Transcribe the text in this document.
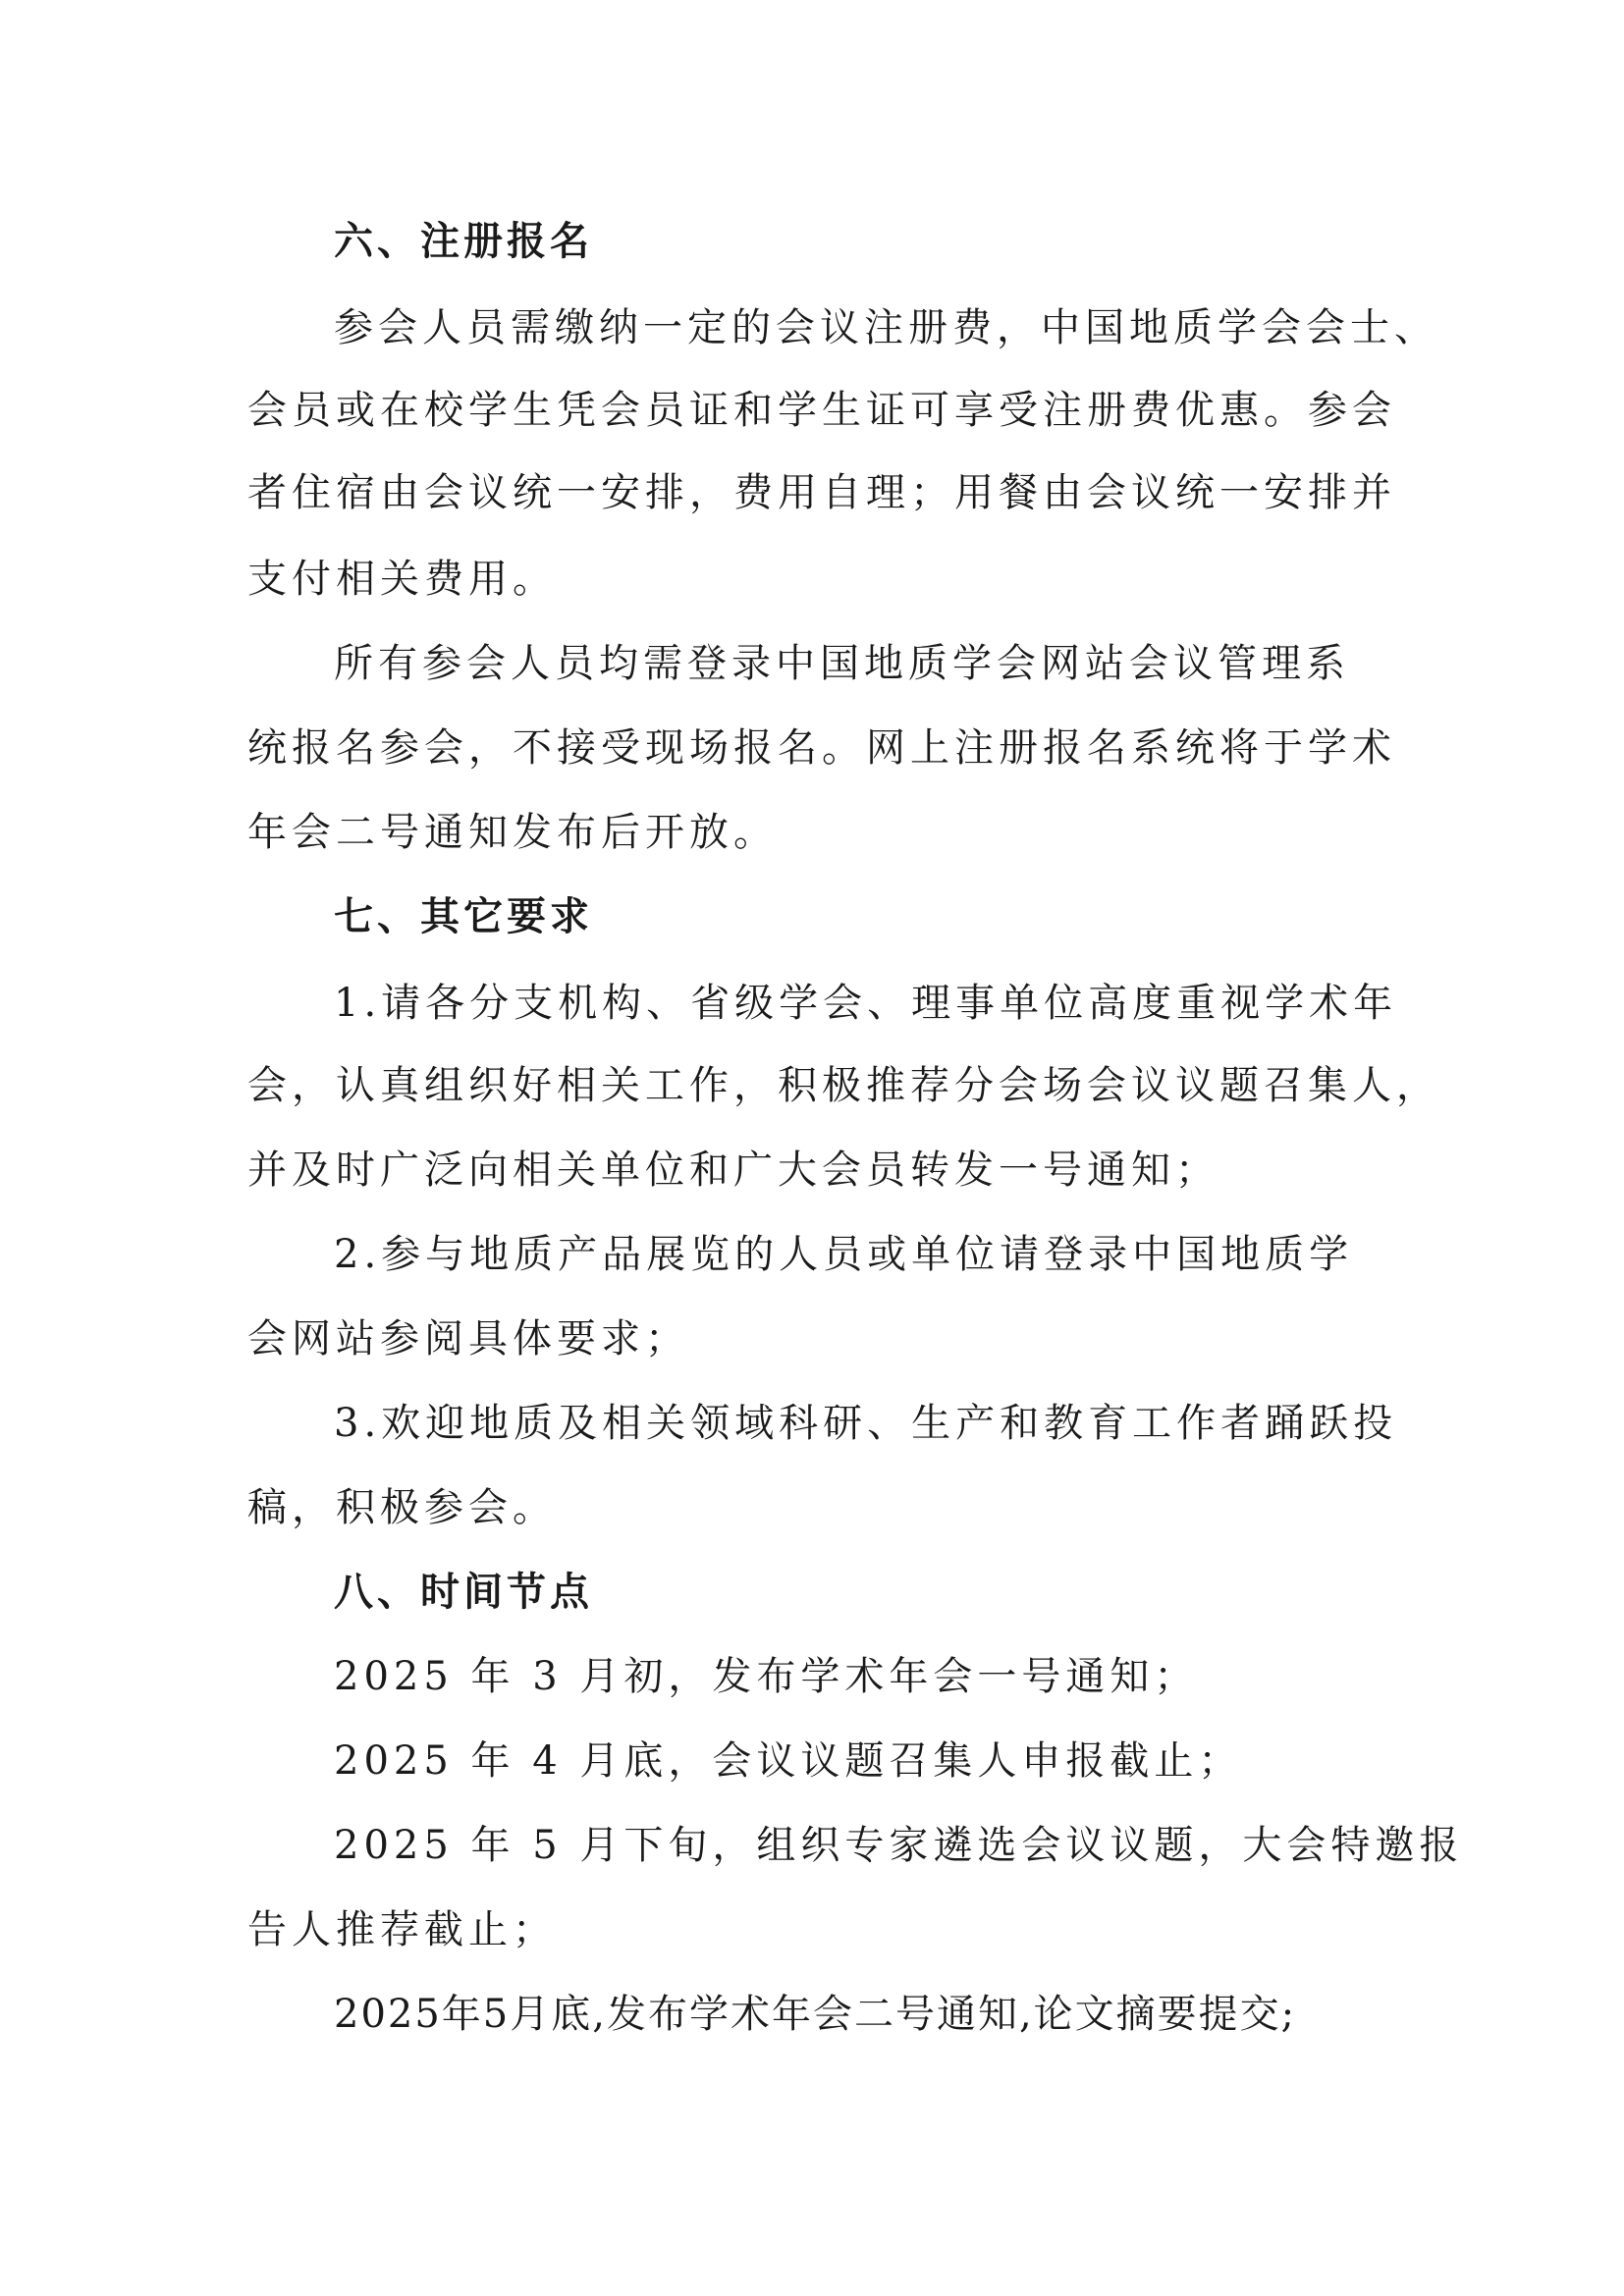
六、注册报名
参会人员需缴纳一定的会议注册费，中国地质学会会士、
会员或在校学生凭会员证和学生证可享受注册费优惠。参会
者住宿由会议统一安排，费用自理；用餐由会议统一安排并
支付相关费用。
所有参会人员均需登录中国地质学会网站会议管理系
统报名参会，不接受现场报名。网上注册报名系统将于学术
年会二号通知发布后开放。
七、其它要求
1.请各分支机构、省级学会、理事单位高度重视学术年
会，认真组织好相关工作，积极推荐分会场会议议题召集人，
并及时广泛向相关单位和广大会员转发一号通知；
2.参与地质产品展览的人员或单位请登录中国地质学
会网站参阅具体要求；
3.欢迎地质及相关领域科研、生产和教育工作者踊跃投
稿，积极参会。
八、时间节点
2025 年 3 月初，发布学术年会一号通知；
2025 年 4 月底，会议议题召集人申报截止；
2025 年 5 月下旬，组织专家遴选会议议题，大会特邀报
告人推荐截止；
2025年5月底,发布学术年会二号通知,论文摘要提交;
